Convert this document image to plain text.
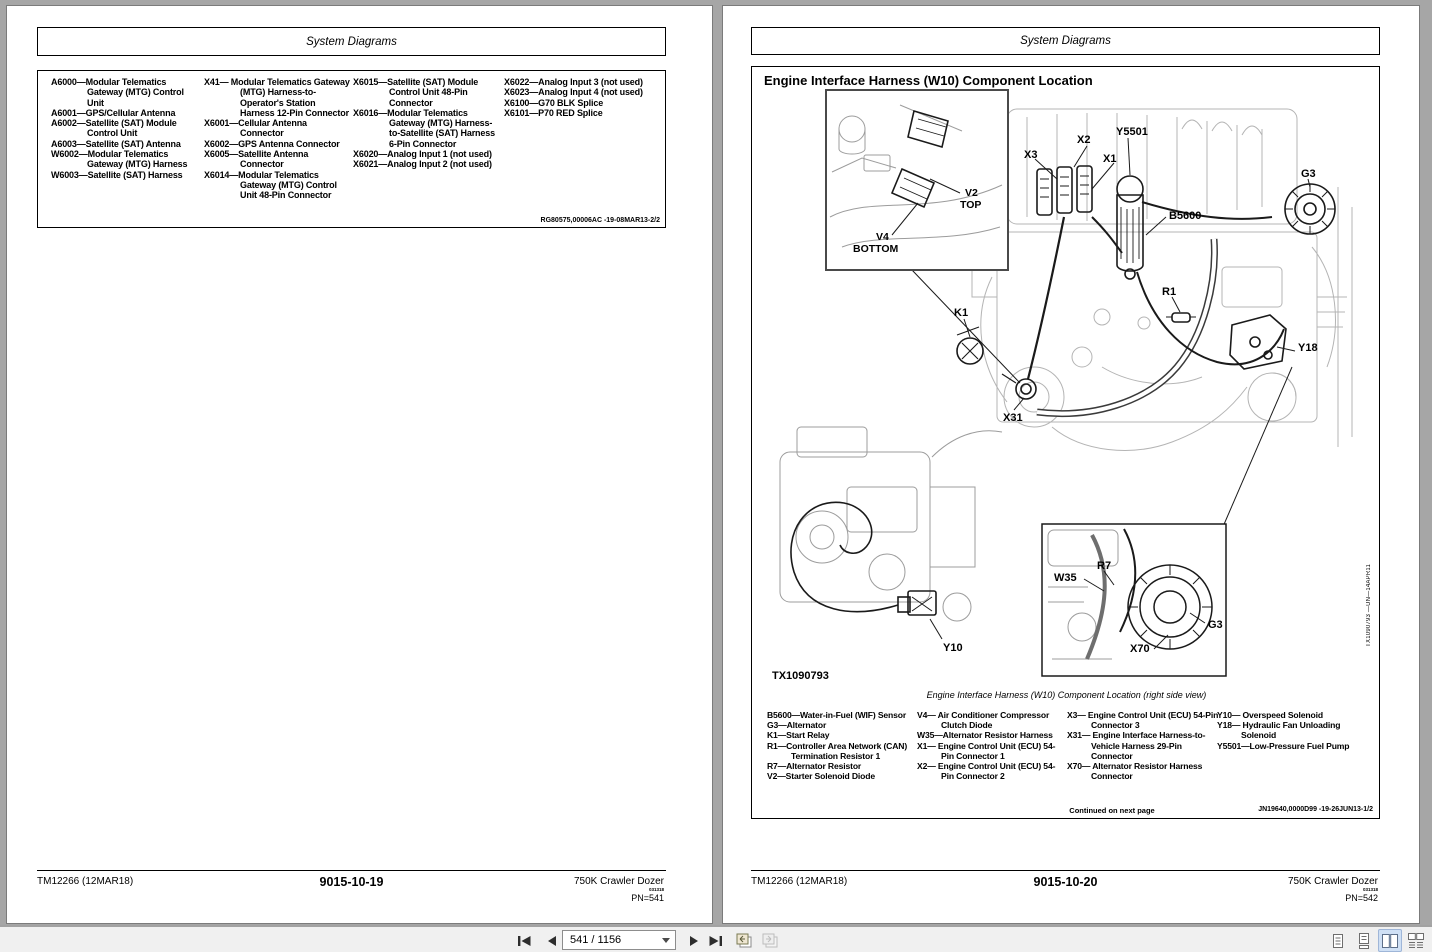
System Diagrams
A6000—Modular Telematics Gateway (MTG) Control Unit
A6001—GPS/Cellular Antenna
A6002—Satellite (SAT) Module Control Unit
A6003—Satellite (SAT) Antenna
W6002—Modular Telematics Gateway (MTG) Harness
W6003—Satellite (SAT) Harness
X41— Modular Telematics Gateway (MTG) Harness-to-Operator's Station Harness 12-Pin Connector
X6001—Cellular Antenna Connector
X6002—GPS Antenna Connector
X6005—Satellite Antenna Connector
X6014—Modular Telematics Gateway (MTG) Control Unit 48-Pin Connector
X6015—Satellite (SAT) Module Control Unit 48-Pin Connector
X6016—Modular Telematics Gateway (MTG) Harness-to-Satellite (SAT) Harness 6-Pin Connector
X6020—Analog Input 1 (not used)
X6021—Analog Input 2 (not used)
X6022—Analog Input 3 (not used)
X6023—Analog Input 4 (not used)
X6100—G70 BLK Splice
X6101—P70 RED Splice
RG80575,00006AC -19-08MAR13-2/2
TM12266 (12MAR18)	9015-10-19	750K Crawler Dozer
031318
PN=541
System Diagrams
Engine Interface Harness (W10) Component Location
X3
X2
X1
Y5501
B5600
G3
R1
K1
Y18
X31
Y10
V2
TOP
V4
BOTTOM
W35
R7
G3
X70
TX1090793
TX1090793 —UN—14APR11
Engine Interface Harness (W10) Component Location (right side view)
B5600—Water-in-Fuel (WIF) Sensor
G3—Alternator
K1—Start Relay
R1—Controller Area Network (CAN) Termination Resistor 1
R7—Alternator Resistor
V2—Starter Solenoid Diode
V4— Air Conditioner Compressor Clutch Diode
W35—Alternator Resistor Harness
X1— Engine Control Unit (ECU) 54-Pin Connector 1
X2— Engine Control Unit (ECU) 54-Pin Connector 2
X3— Engine Control Unit (ECU) 54-Pin Connector 3
X31— Engine Interface Harness-to-Vehicle Harness 29-Pin Connector
X70— Alternator Resistor Harness Connector
Y10— Overspeed Solenoid
Y18— Hydraulic Fan Unloading Solenoid
Y5501—Low-Pressure Fuel Pump
Continued on next page	JN19640,0000D99 -19-26JUN13-1/2
TM12266 (12MAR18)	9015-10-20	750K Crawler Dozer
031318
PN=542
541 / 1156
